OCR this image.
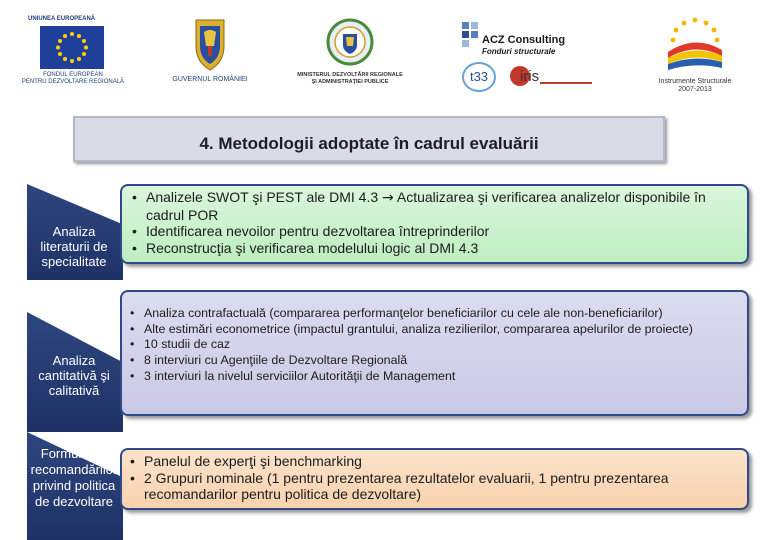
UNIUNEA EUROPEANĂ
FONDUL EUROPEAN
PENTRU DEZVOLTARE REGIONALĂ	GUVERNUL ROMÂNIEI
MINISTERUL DEZVOLTĂRII REGIONALE
ŞI ADMINISTRAŢIEI PUBLICE
ACZ Consulting
Fonduri structurale
t33	iris	Instrumente Structurale
2007-2013
4. Metodologii adoptate în cadrul evaluării
Analiza literaturii de specialitate
• Analizele SWOT şi PEST ale DMI 4.3 → Actualizarea şi verificarea analizelor disponibile în cadrul POR
• Identificarea nevoilor pentru dezvoltarea întreprinderilor
• Reconstrucţia şi verificarea modelului logic al DMI 4.3
Analiza cantitativă şi calitativă
• Analiza contrafactuală (compararea performanţelor beneficiarilor cu cele ale non-beneficiarilor)
• Alte estimări econometrice (impactul grantului, analiza rezilierilor, compararea apelurilor de proiecte)
• 10 studii de caz
• 8 interviuri cu Agenţiile de Dezvoltare Regională
• 3 interviuri la nivelul serviciilor Autorităţii de Management
Formularea recomandărilor privind politica de dezvoltare
• Panelul de experţi şi benchmarking
• 2 Grupuri nominale (1 pentru prezentarea rezultatelor evaluarii, 1 pentru prezentarea recomandarilor pentru politica de dezvoltare)
